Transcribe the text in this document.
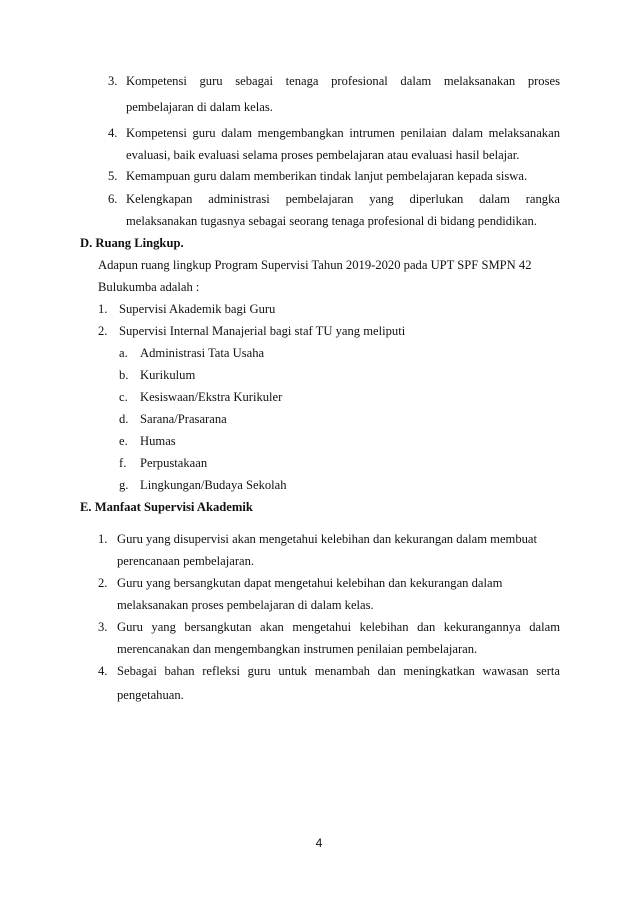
3. Kompetensi guru sebagai tenaga profesional dalam melaksanakan proses
pembelajaran di dalam kelas.
4. Kompetensi guru dalam mengembangkan intrumen penilaian dalam melaksanakan
evaluasi, baik evaluasi selama proses pembelajaran atau evaluasi hasil belajar.
5. Kemampuan guru dalam memberikan tindak lanjut pembelajaran kepada siswa.
6. Kelengkapan administrasi pembelajaran yang diperlukan dalam rangka
melaksanakan tugasnya sebagai seorang tenaga profesional di bidang pendidikan.
D. Ruang Lingkup.
Adapun ruang lingkup Program Supervisi Tahun 2019-2020 pada UPT SPF SMPN 42
Bulukumba adalah :
1. Supervisi Akademik bagi Guru
2. Supervisi Internal Manajerial bagi staf TU yang meliputi
a. Administrasi Tata Usaha
b. Kurikulum
c. Kesiswaan/Ekstra Kurikuler
d. Sarana/Prasarana
e. Humas
f. Perpustakaan
g. Lingkungan/Budaya Sekolah
E. Manfaat Supervisi Akademik
1. Guru yang disupervisi akan mengetahui kelebihan dan kekurangan dalam membuat
perencanaan pembelajaran.
2. Guru yang bersangkutan dapat mengetahui kelebihan dan kekurangan dalam
melaksanakan proses pembelajaran di dalam kelas.
3. Guru yang bersangkutan akan mengetahui kelebihan dan kekurangannya dalam
merencanakan dan mengembangkan instrumen penilaian pembelajaran.
4. Sebagai bahan refleksi guru untuk menambah dan meningkatkan wawasan serta
pengetahuan.
4
